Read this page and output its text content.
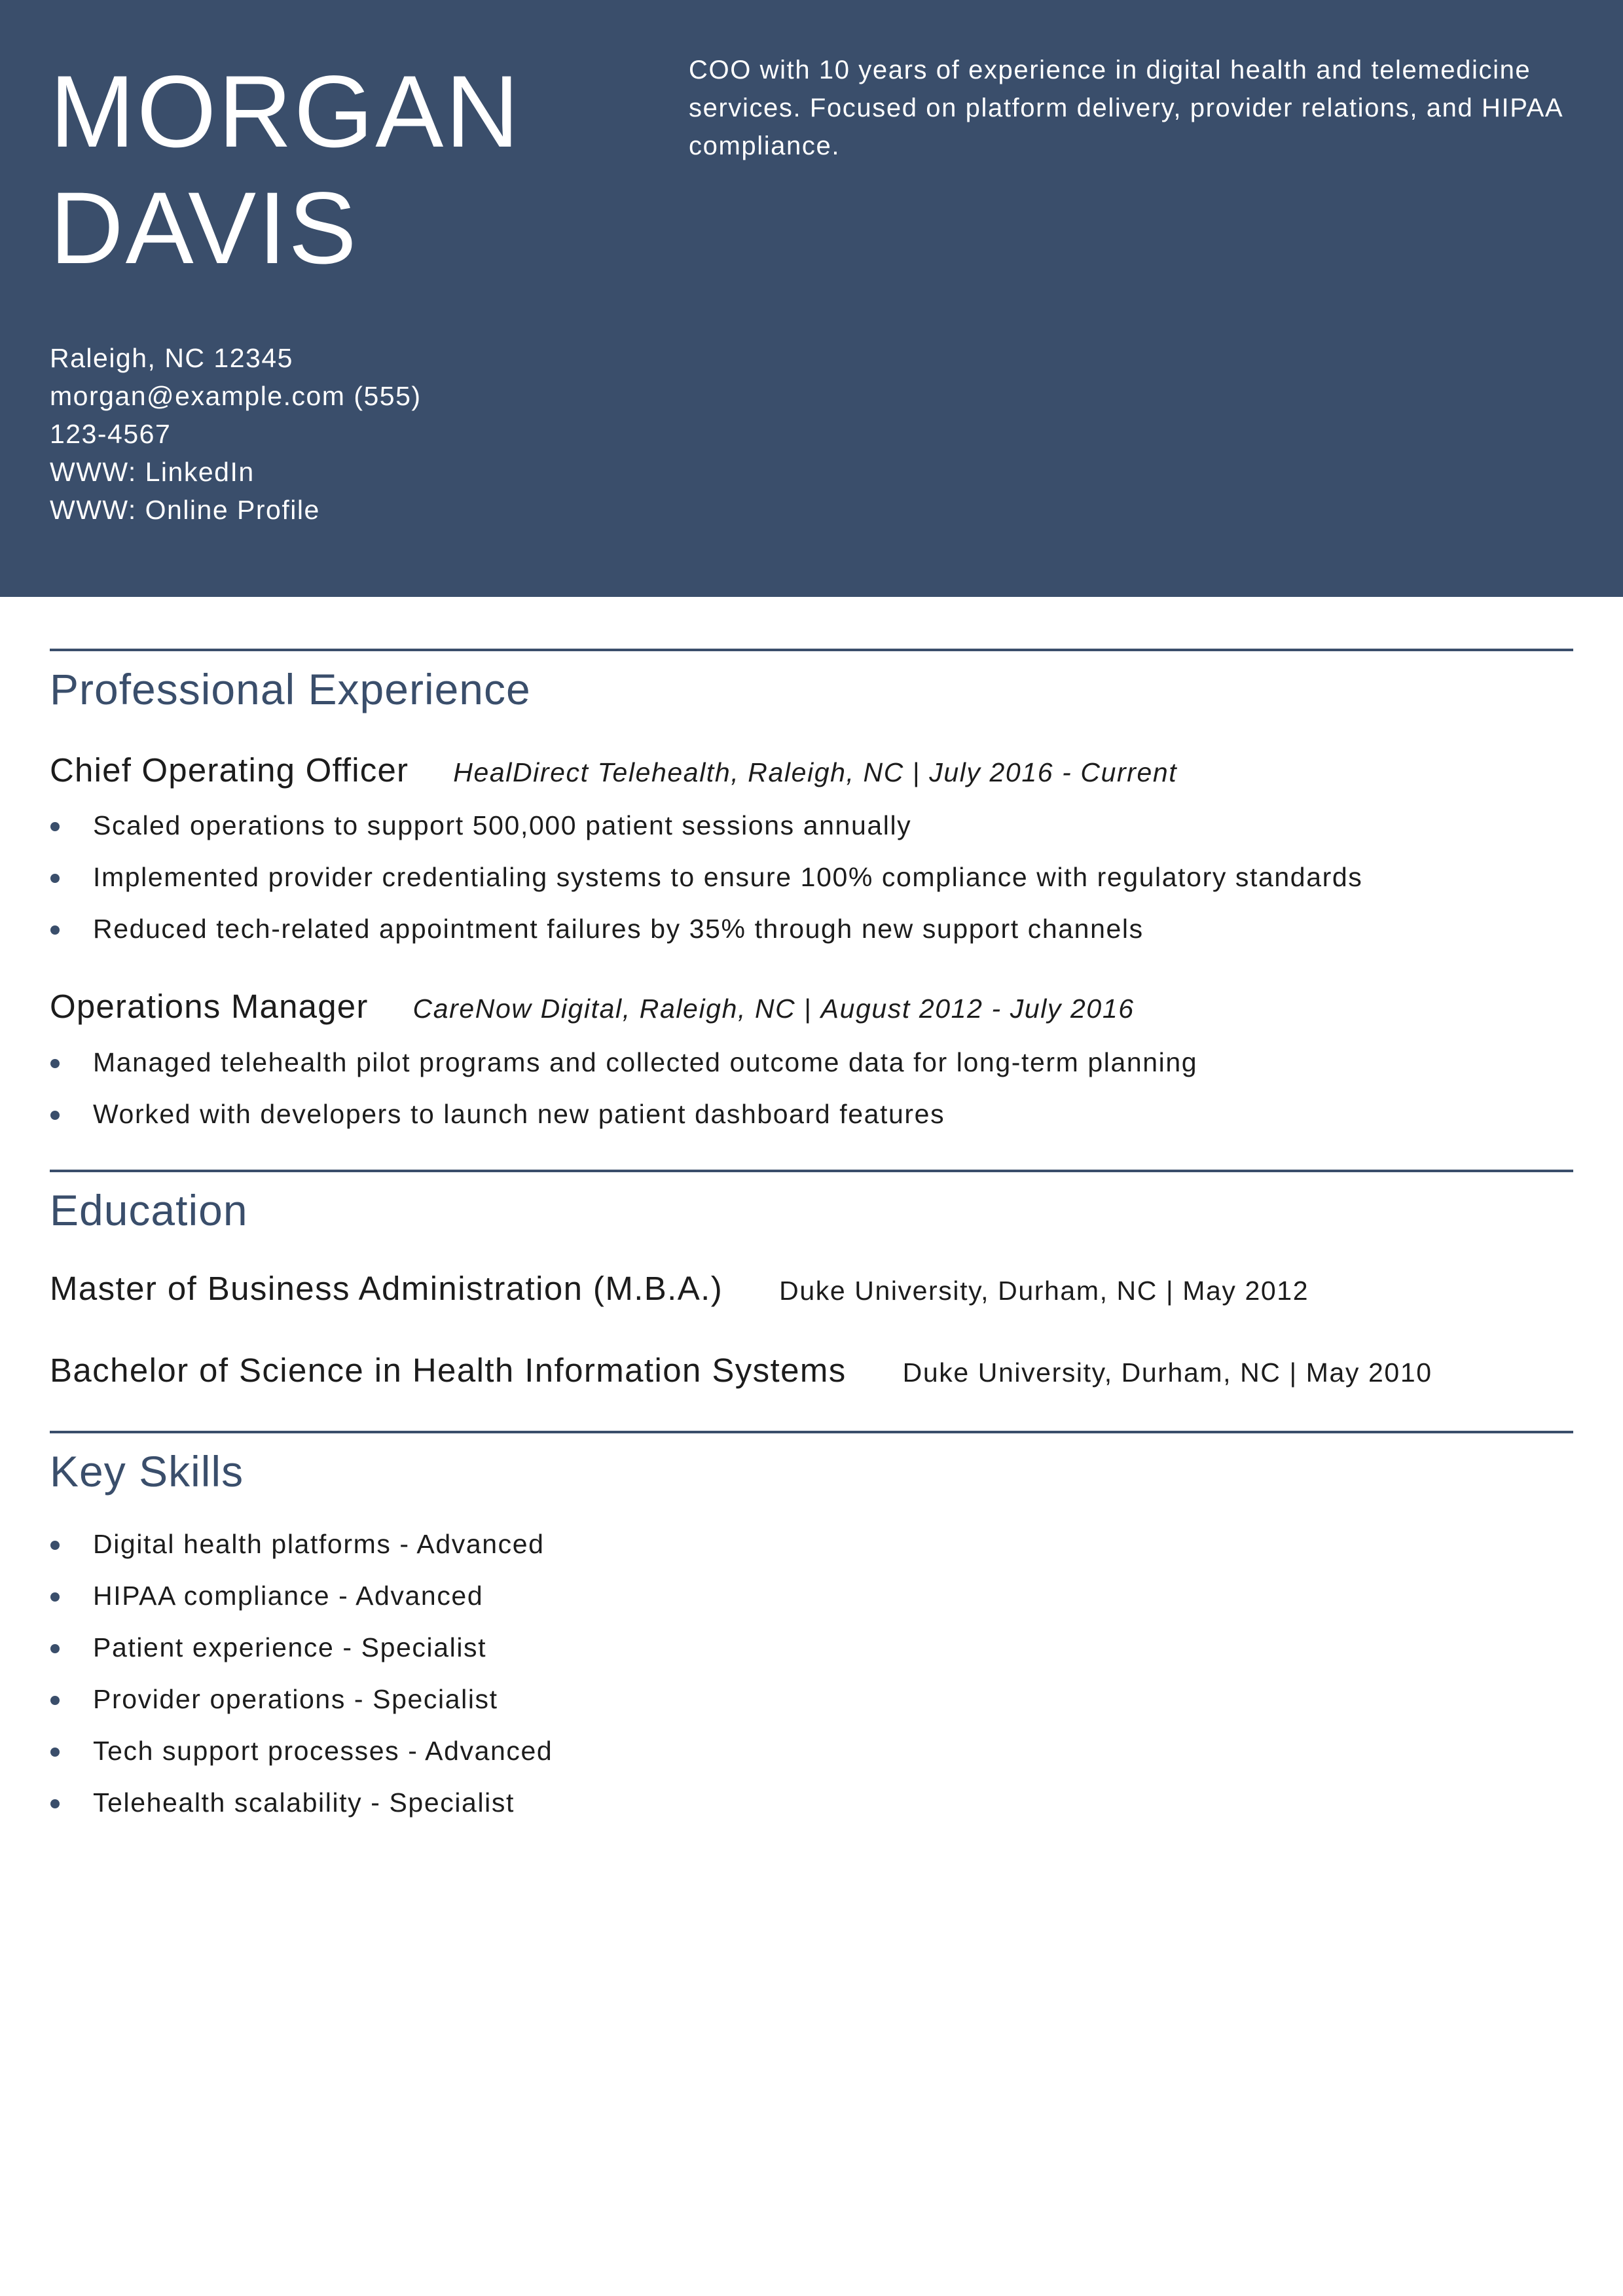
MORGAN
DAVIS

COO with 10 years of experience in digital health and telemedicine services. Focused on platform delivery, provider relations, and HIPAA compliance.

Raleigh, NC 12345
morgan@example.com (555)
123-4567
WWW: LinkedIn
WWW: Online Profile
Professional Experience
Chief Operating Officer HealDirect Telehealth, Raleigh, NC | July 2016 - Current
Scaled operations to support 500,000 patient sessions annually
Implemented provider credentialing systems to ensure 100% compliance with regulatory standards
Reduced tech-related appointment failures by 35% through new support channels
Operations Manager CareNow Digital, Raleigh, NC | August 2012 - July 2016
Managed telehealth pilot programs and collected outcome data for long-term planning
Worked with developers to launch new patient dashboard features
Education
Master of Business Administration (M.B.A.) Duke University, Durham, NC | May 2012
Bachelor of Science in Health Information Systems Duke University, Durham, NC | May 2010
Key Skills
Digital health platforms - Advanced
HIPAA compliance - Advanced
Patient experience - Specialist
Provider operations - Specialist
Tech support processes - Advanced
Telehealth scalability - Specialist
